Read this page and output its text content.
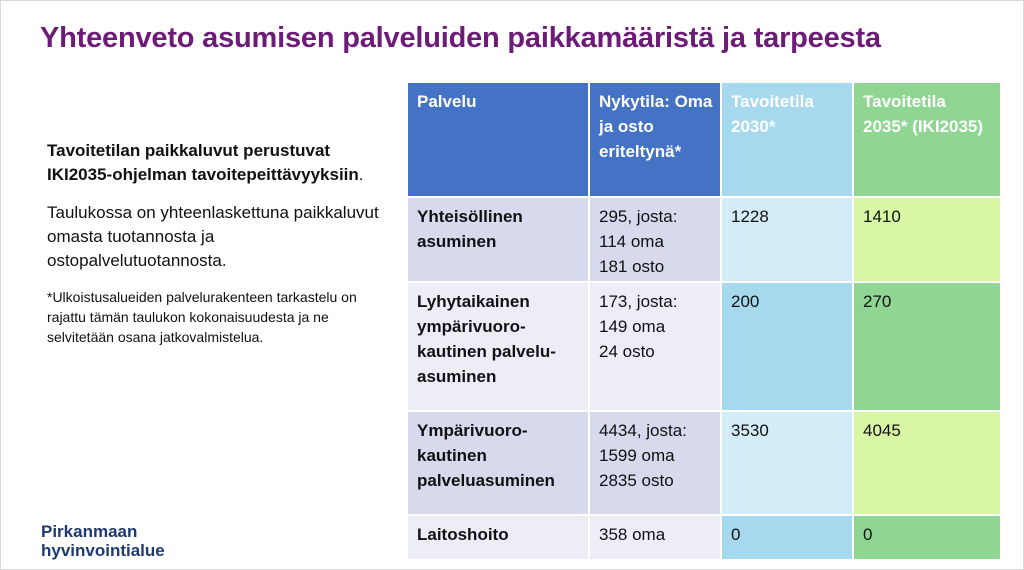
Yhteenveto asumisen palveluiden paikkamääristä ja tarpeesta
Tavoitetilan paikkaluvut perustuvat IKI2035-ohjelman tavoitepeittävyyksiin.
Taulukossa on yhteenlaskettuna paikkaluvut omasta tuotannosta ja ostopalvelutuotannosta.
*Ulkoistusalueiden palvelurakenteen tarkastelu on rajattu tämän taulukon kokonaisuudesta ja ne selvitetään osana jatkovalmistelua.
Pirkanmaan
hyvinvointialue
Palvelu	Nykytila: Oma ja osto eriteltynä*	Tavoitetila 2030*	Tavoitetila 2035* (IKI2035)
Yhteisöllinen asuminen	295, josta:
114 oma
181 osto	1228	1410
Lyhytaikainen ympärivuoro-kautinen palvelu-asuminen	173, josta:
149 oma
24 osto	200	270
Ympärivuoro-kautinen palveluasuminen	4434, josta:
1599 oma
2835 osto	3530	4045
Laitoshoito	358 oma	0	0
